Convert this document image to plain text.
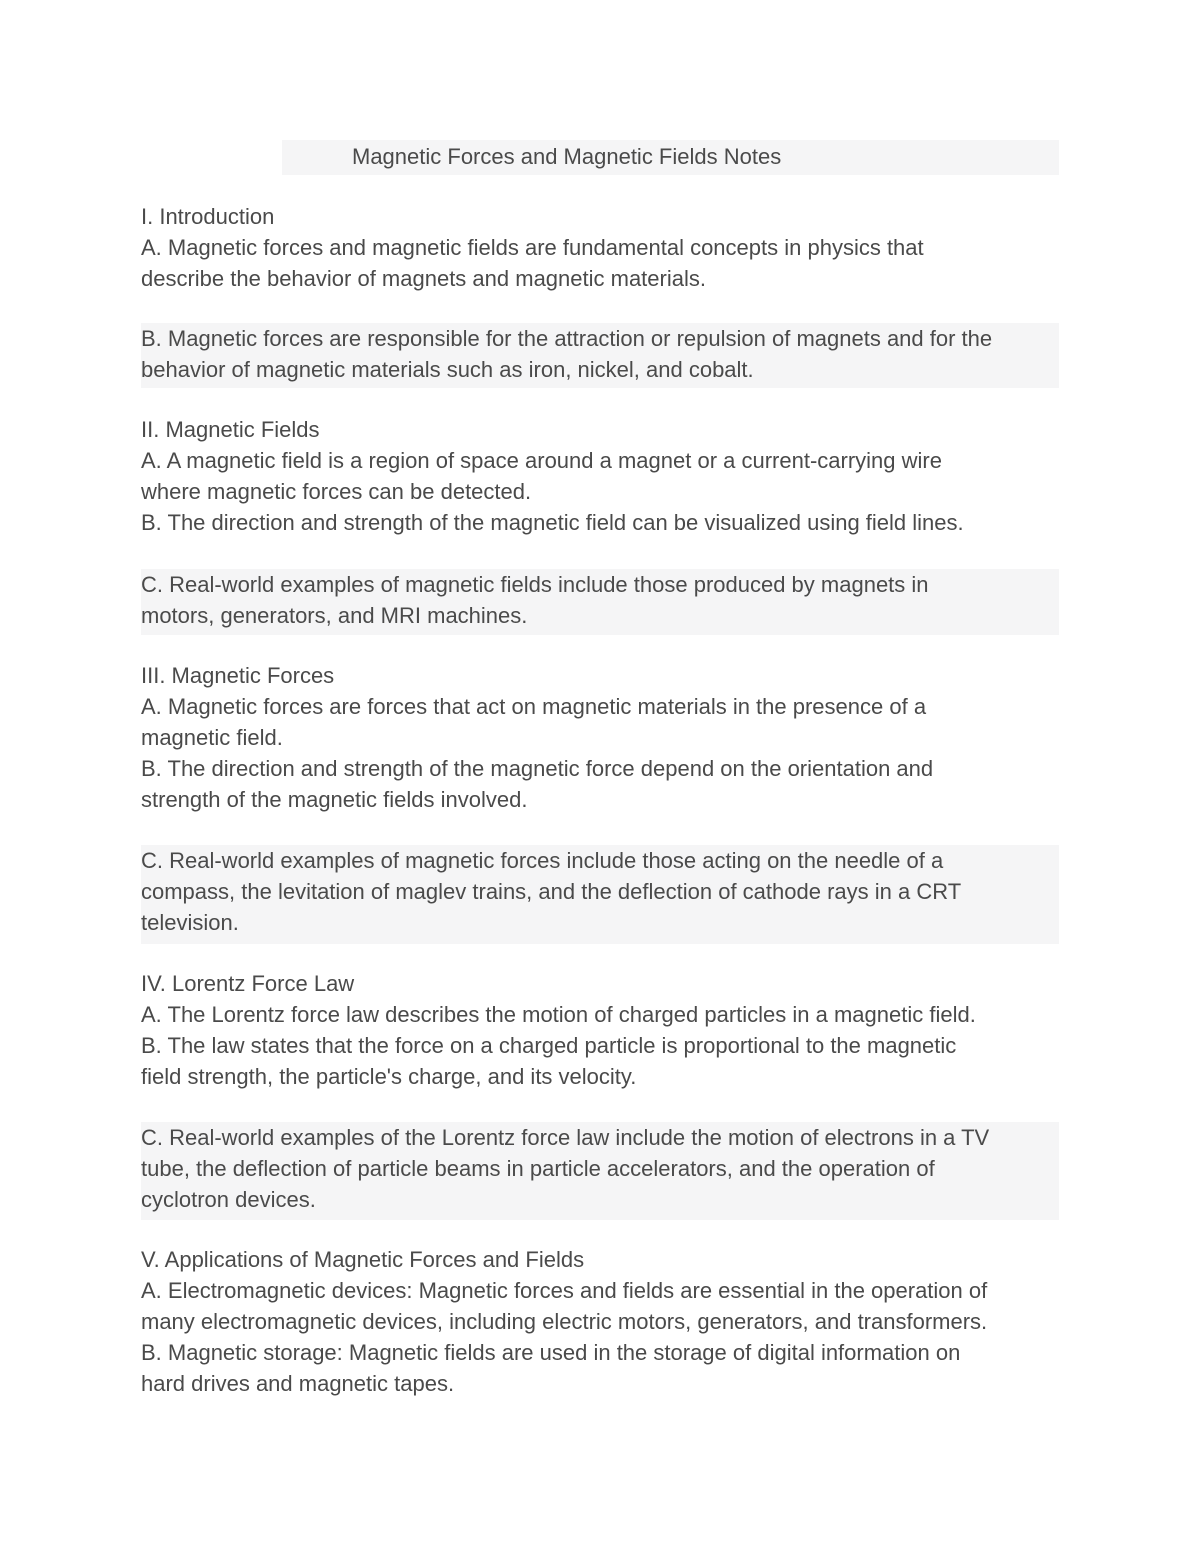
Magnetic Forces and Magnetic Fields Notes
I. Introduction
A. Magnetic forces and magnetic fields are fundamental concepts in physics that
describe the behavior of magnets and magnetic materials.
B. Magnetic forces are responsible for the attraction or repulsion of magnets and for the
behavior of magnetic materials such as iron, nickel, and cobalt.
II. Magnetic Fields
A. A magnetic field is a region of space around a magnet or a current-carrying wire
where magnetic forces can be detected.
B. The direction and strength of the magnetic field can be visualized using field lines.
C. Real-world examples of magnetic fields include those produced by magnets in
motors, generators, and MRI machines.
III. Magnetic Forces
A. Magnetic forces are forces that act on magnetic materials in the presence of a
magnetic field.
B. The direction and strength of the magnetic force depend on the orientation and
strength of the magnetic fields involved.
C. Real-world examples of magnetic forces include those acting on the needle of a
compass, the levitation of maglev trains, and the deflection of cathode rays in a CRT
television.
IV. Lorentz Force Law
A. The Lorentz force law describes the motion of charged particles in a magnetic field.
B. The law states that the force on a charged particle is proportional to the magnetic
field strength, the particle's charge, and its velocity.
C. Real-world examples of the Lorentz force law include the motion of electrons in a TV
tube, the deflection of particle beams in particle accelerators, and the operation of
cyclotron devices.
V. Applications of Magnetic Forces and Fields
A. Electromagnetic devices: Magnetic forces and fields are essential in the operation of
many electromagnetic devices, including electric motors, generators, and transformers.
B. Magnetic storage: Magnetic fields are used in the storage of digital information on
hard drives and magnetic tapes.
